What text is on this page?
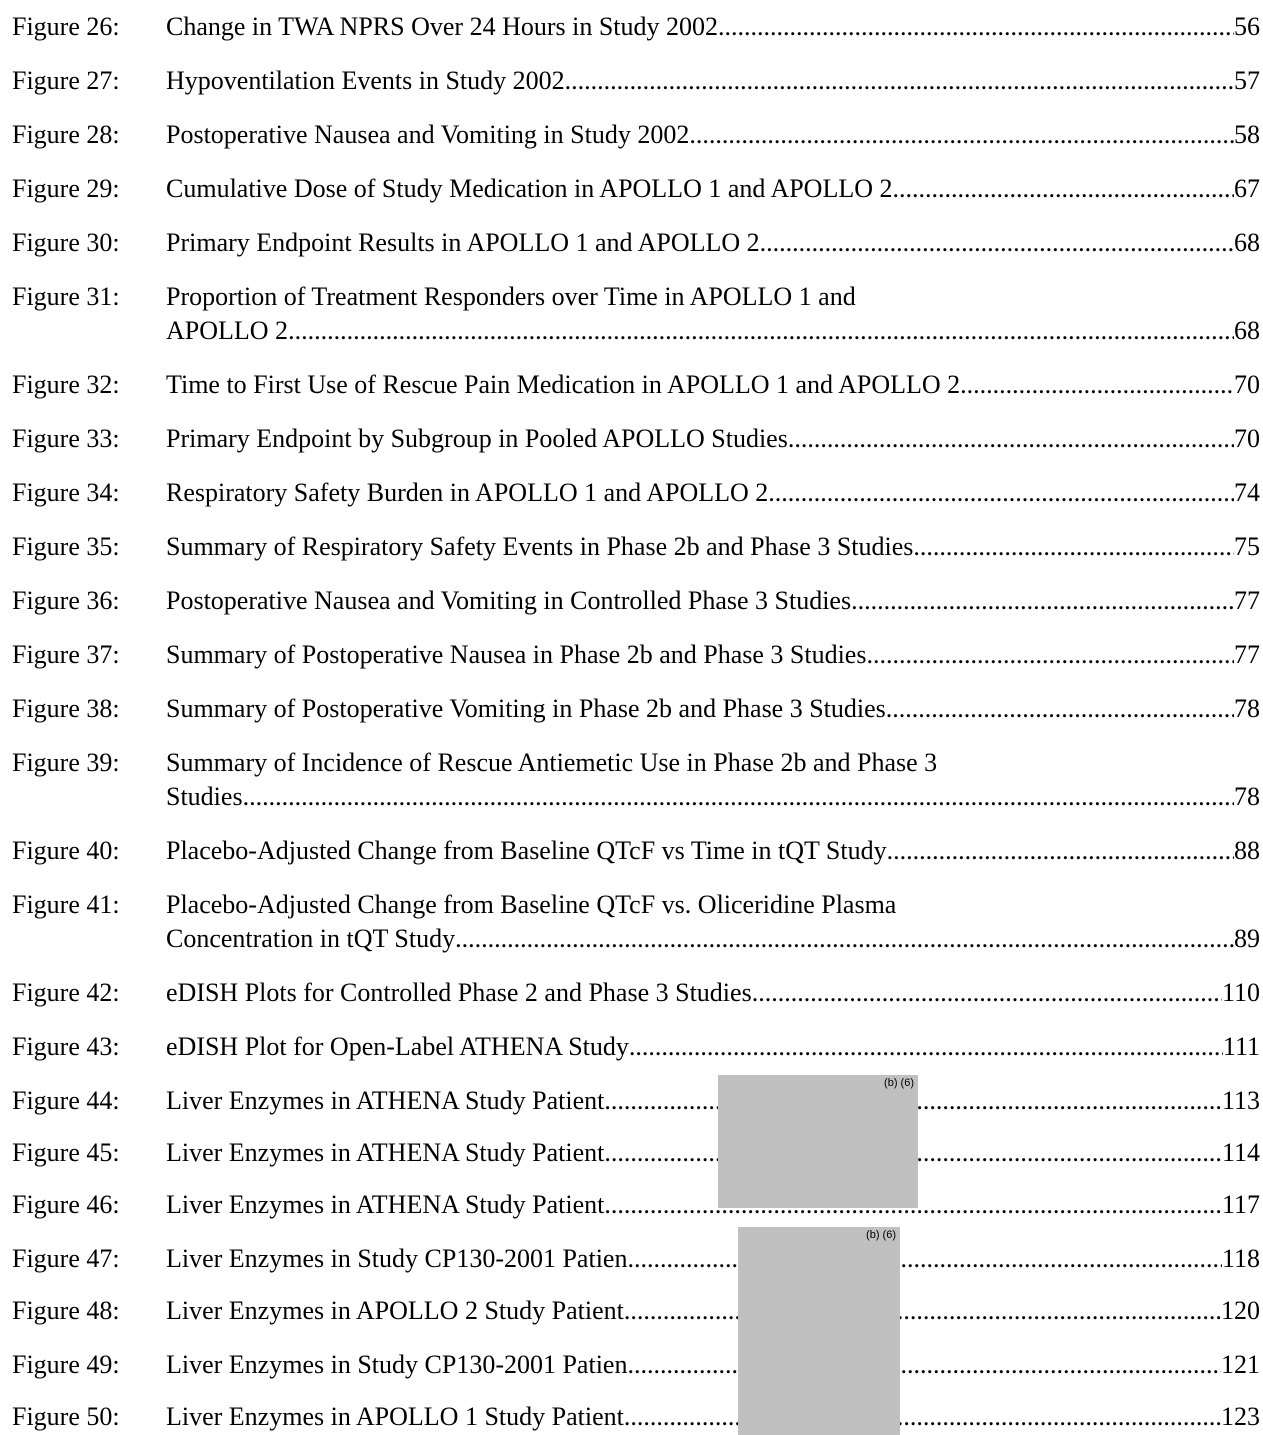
Figure 26: Change in TWA NPRS Over 24 Hours in Study 2002 .....	56
Figure 27: Hypoventilation Events in Study 2002 .....	57
Figure 28: Postoperative Nausea and Vomiting in Study 2002 .....	58
Figure 29: Cumulative Dose of Study Medication in APOLLO 1 and APOLLO 2 .....	67
Figure 30: Primary Endpoint Results in APOLLO 1 and APOLLO 2 .....	68
Figure 31: Proportion of Treatment Responders over Time in APOLLO 1 and
APOLLO 2 .....	68
Figure 32: Time to First Use of Rescue Pain Medication in APOLLO 1 and APOLLO 2 .....	70
Figure 33: Primary Endpoint by Subgroup in Pooled APOLLO Studies .....	70
Figure 34: Respiratory Safety Burden in APOLLO 1 and APOLLO 2 .....	74
Figure 35: Summary of Respiratory Safety Events in Phase 2b and Phase 3 Studies .....	75
Figure 36: Postoperative Nausea and Vomiting in Controlled Phase 3 Studies .....	77
Figure 37: Summary of Postoperative Nausea in Phase 2b and Phase 3 Studies .....	77
Figure 38: Summary of Postoperative Vomiting in Phase 2b and Phase 3 Studies .....	78
Figure 39: Summary of Incidence of Rescue Antiemetic Use in Phase 2b and Phase 3
Studies .....	78
Figure 40: Placebo-Adjusted Change from Baseline QTcF vs Time in tQT Study .....	88
Figure 41: Placebo-Adjusted Change from Baseline QTcF vs. Oliceridine Plasma
Concentration in tQT Study .....	89
Figure 42: eDISH Plots for Controlled Phase 2 and Phase 3 Studies .....	110
Figure 43: eDISH Plot for Open-Label ATHENA Study .....	111
Figure 44: Liver Enzymes in ATHENA Study Patient .....	113
Figure 45: Liver Enzymes in ATHENA Study Patient .....	114
Figure 46: Liver Enzymes in ATHENA Study Patient .....	117
Figure 47: Liver Enzymes in Study CP130-2001 Patien .....	118
Figure 48: Liver Enzymes in APOLLO 2 Study Patient .....	120
Figure 49: Liver Enzymes in Study CP130-2001 Patien .....	121
Figure 50: Liver Enzymes in APOLLO 1 Study Patient .....	123
(b) (6)
(b) (6)
